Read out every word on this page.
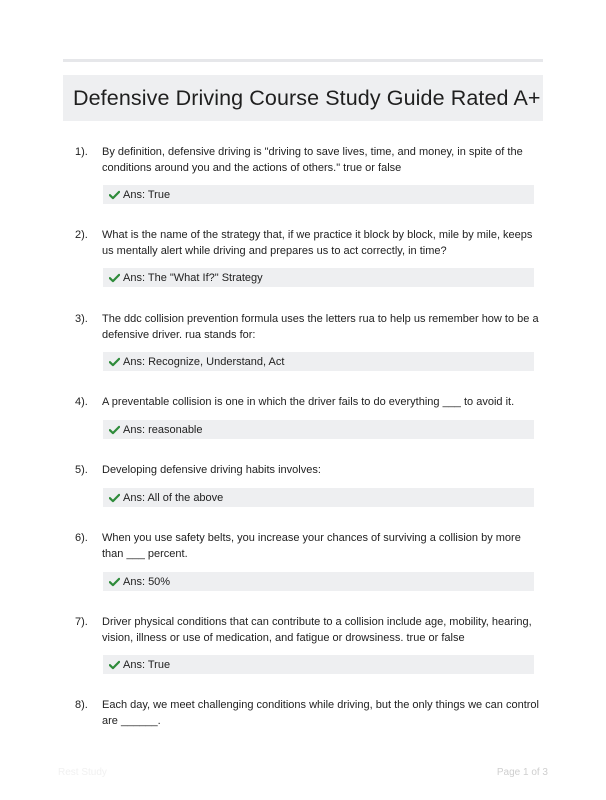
Defensive Driving Course Study Guide Rated A+
1). By definition, defensive driving is "driving to save lives, time, and money, in spite of the conditions around you and the actions of others." true or false
Ans: True
2). What is the name of the strategy that, if we practice it block by block, mile by mile, keeps us mentally alert while driving and prepares us to act correctly, in time?
Ans: The "What If?" Strategy
3). The ddc collision prevention formula uses the letters rua to help us remember how to be a defensive driver. rua stands for:
Ans: Recognize, Understand, Act
4). A preventable collision is one in which the driver fails to do everything ___ to avoid it.
Ans: reasonable
5). Developing defensive driving habits involves:
Ans: All of the above
6). When you use safety belts, you increase your chances of surviving a collision by more than ___ percent.
Ans: 50%
7). Driver physical conditions that can contribute to a collision include age, mobility, hearing, vision, illness or use of medication, and fatigue or drowsiness. true or false
Ans: True
8). Each day, we meet challenging conditions while driving, but the only things we can control are ______.
Rest Study	Page 1 of 3
